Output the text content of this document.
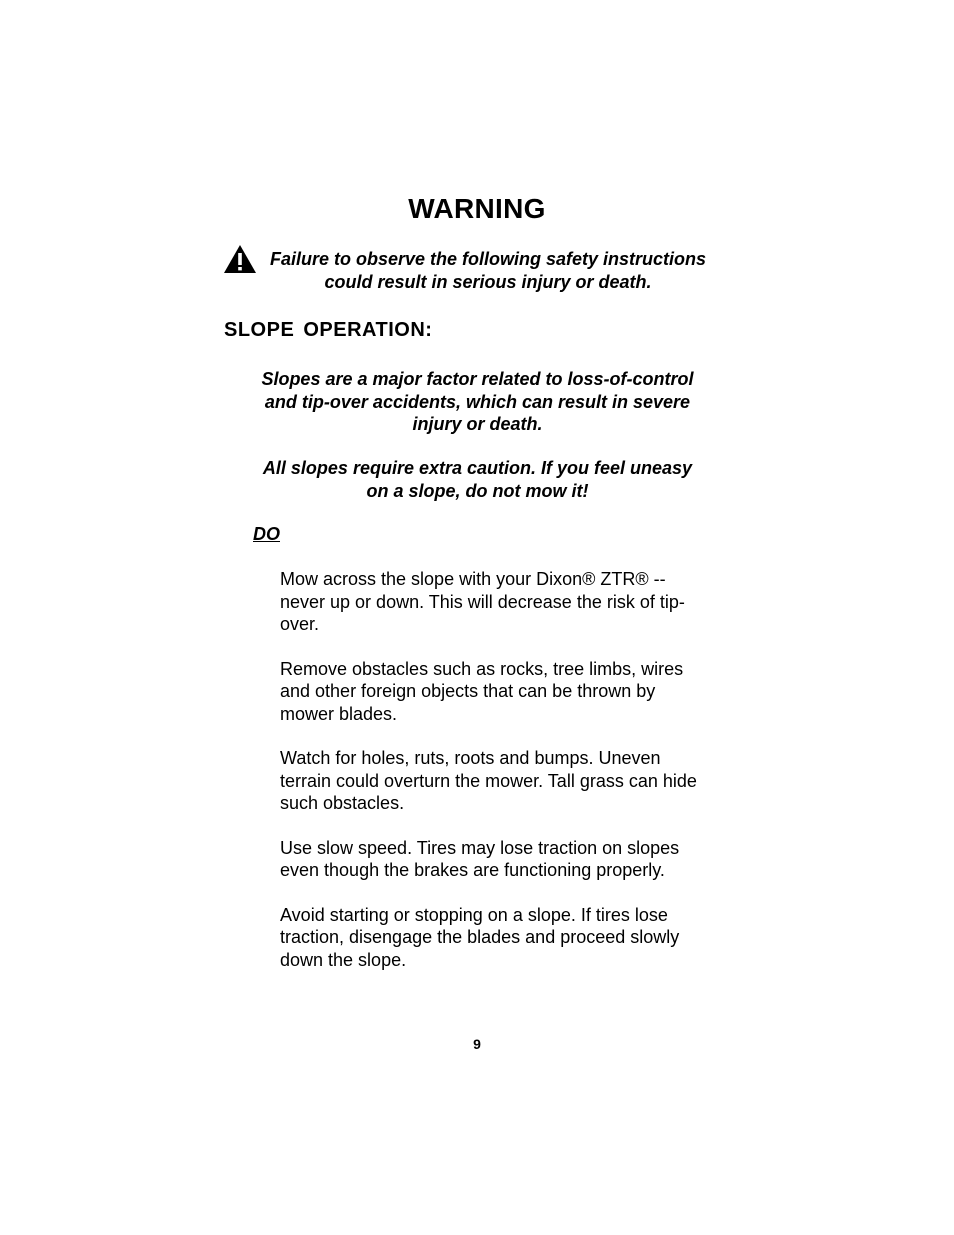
WARNING
Failure to observe the following safety instructions could result in serious injury or death.
SLOPE OPERATION:
Slopes are a major factor related to loss-of-control and tip-over accidents, which can result in severe injury or death.
All slopes require extra caution. If you feel uneasy on a slope, do not mow it!
DO
Mow across the slope with your Dixon® ZTR® -- never up or down. This will decrease the risk of tip-over.
Remove obstacles such as rocks, tree limbs, wires and other foreign objects that can be thrown by mower blades.
Watch for holes, ruts, roots and bumps. Uneven terrain could overturn the mower. Tall grass can hide such obstacles.
Use slow speed. Tires may lose traction on slopes even though the brakes are functioning properly.
Avoid starting or stopping on a slope. If tires lose traction, disengage the blades and proceed slowly down the slope.
9
